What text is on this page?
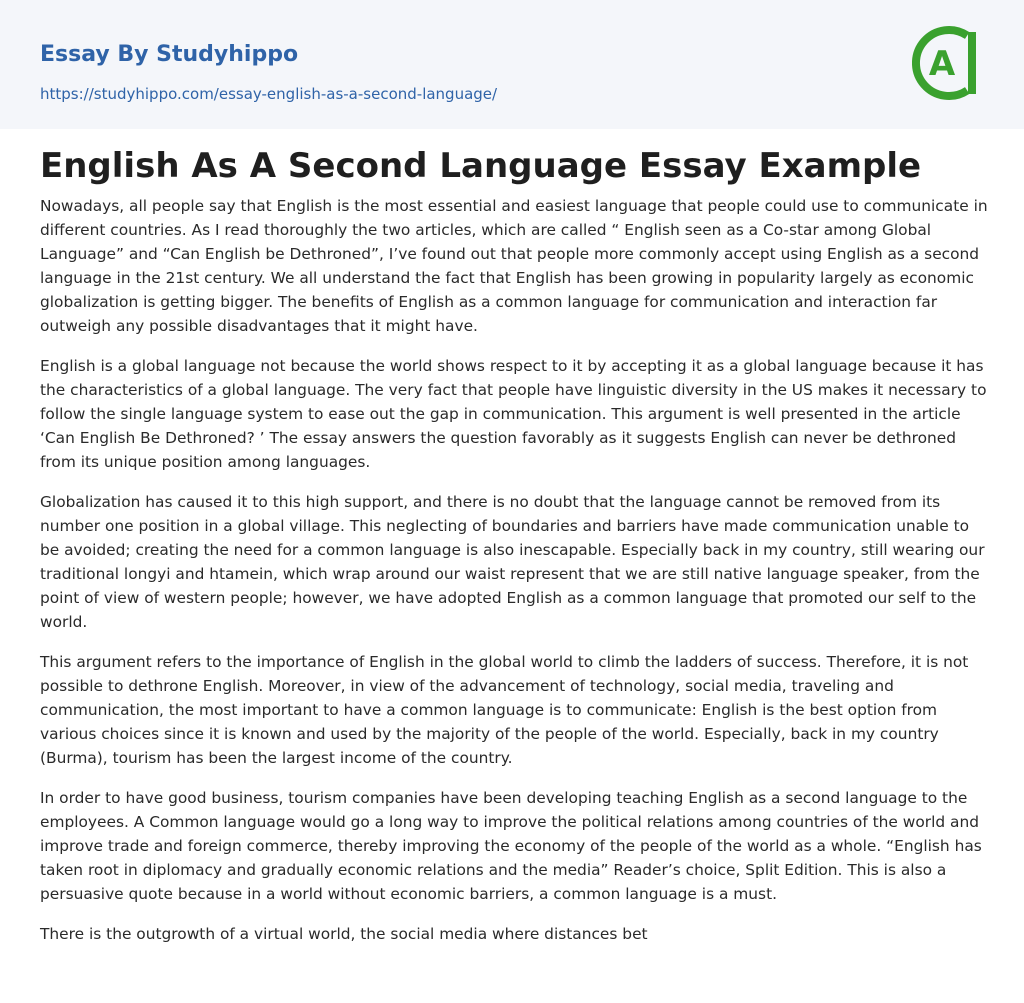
Essay By Studyhippo
https://studyhippo.com/essay-english-as-a-second-language/
A
English As A Second Language Essay Example

Nowadays, all people say that English is the most essential and easiest language that people could use to communicate in different countries. As I read thoroughly the two articles, which are called “ English seen as a Co-star among Global Language” and “Can English be Dethroned”, I’ve found out that people more commonly accept using English as a second language in the 21st century. We all understand the fact that English has been growing in popularity largely as economic globalization is getting bigger. The benefits of English as a common language for communication and interaction far outweigh any possible disadvantages that it might have.

English is a global language not because the world shows respect to it by accepting it as a global language because it has the characteristics of a global language. The very fact that people have linguistic diversity in the US makes it necessary to follow the single language system to ease out the gap in communication. This argument is well presented in the article ‘Can English Be Dethroned? ’ The essay answers the question favorably as it suggests English can never be dethroned from its unique position among languages.

Globalization has caused it to this high support, and there is no doubt that the language cannot be removed from its number one position in a global village. This neglecting of boundaries and barriers have made communication unable to be avoided; creating the need for a common language is also inescapable. Especially back in my country, still wearing our traditional longyi and htamein, which wrap around our waist represent that we are still native language speaker, from the point of view of western people; however, we have adopted English as a common language that promoted our self to the world.

This argument refers to the importance of English in the global world to climb the ladders of success. Therefore, it is not possible to dethrone English. Moreover, in view of the advancement of technology, social media, traveling and communication, the most important to have a common language is to communicate: English is the best option from various choices since it is known and used by the majority of the people of the world. Especially, back in my country (Burma), tourism has been the largest income of the country.

In order to have good business, tourism companies have been developing teaching English as a second language to the employees. A Common language would go a long way to improve the political relations among countries of the world and improve trade and foreign commerce, thereby improving the economy of the people of the world as a whole. “English has taken root in diplomacy and gradually economic relations and the media” Reader’s choice, Split Edition. This is also a persuasive quote because in a world without economic barriers, a common language is a must.

There is the outgrowth of a virtual world, the social media where distances bet
